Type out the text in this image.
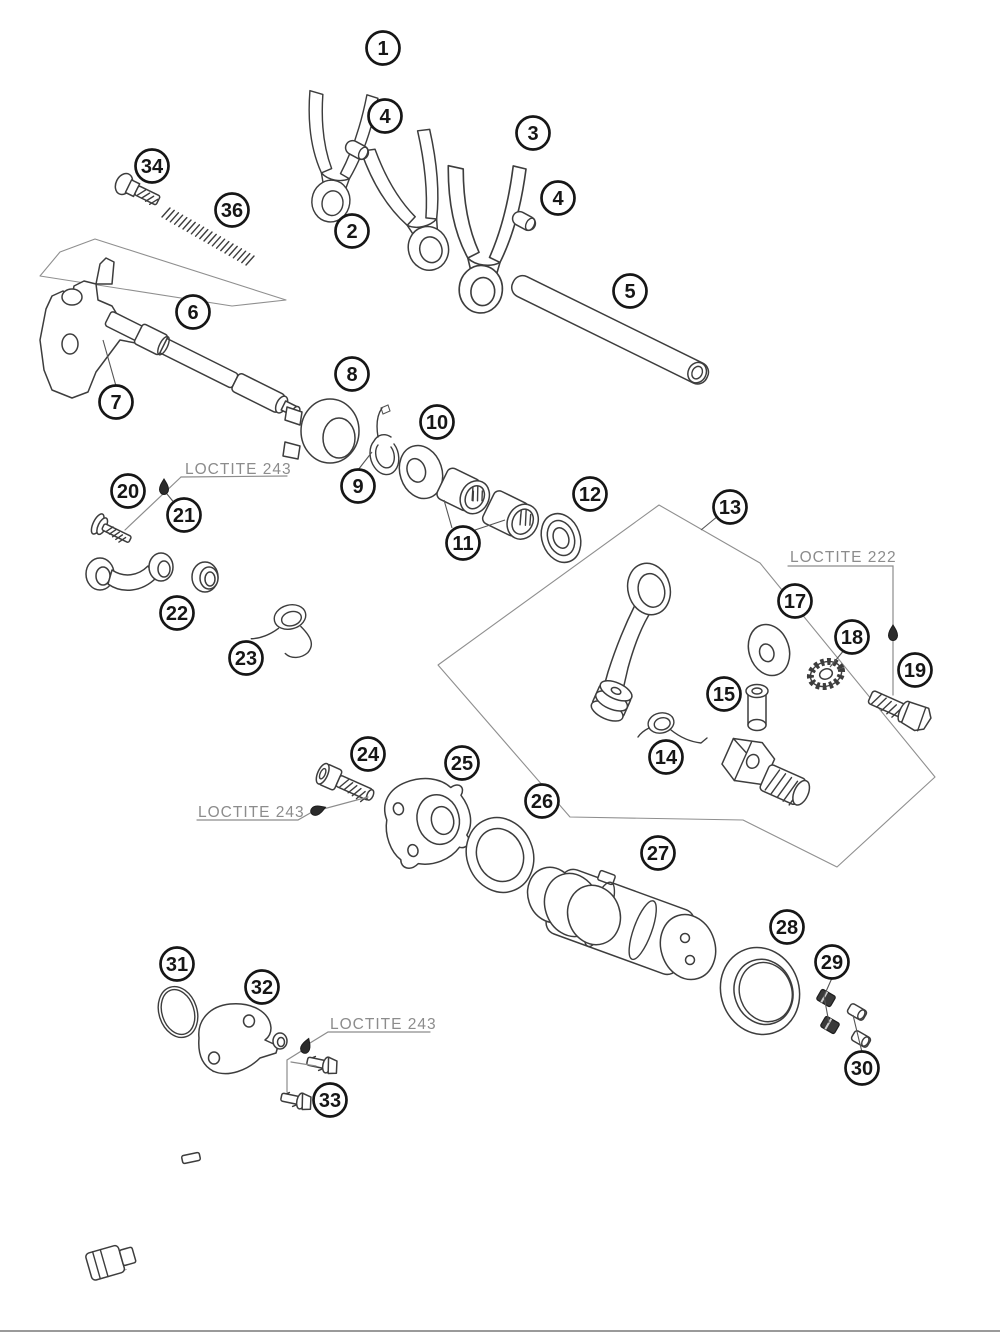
LOCTITE 243
LOCTITE 222
LOCTITE 243
LOCTITE 243
1
4
3
4
2
34
36
5
6
7
8
10
9	12
11
13
17
18
19
15
14
20
21
22
23
24	25
26
27
28
29
30
31
32
33
